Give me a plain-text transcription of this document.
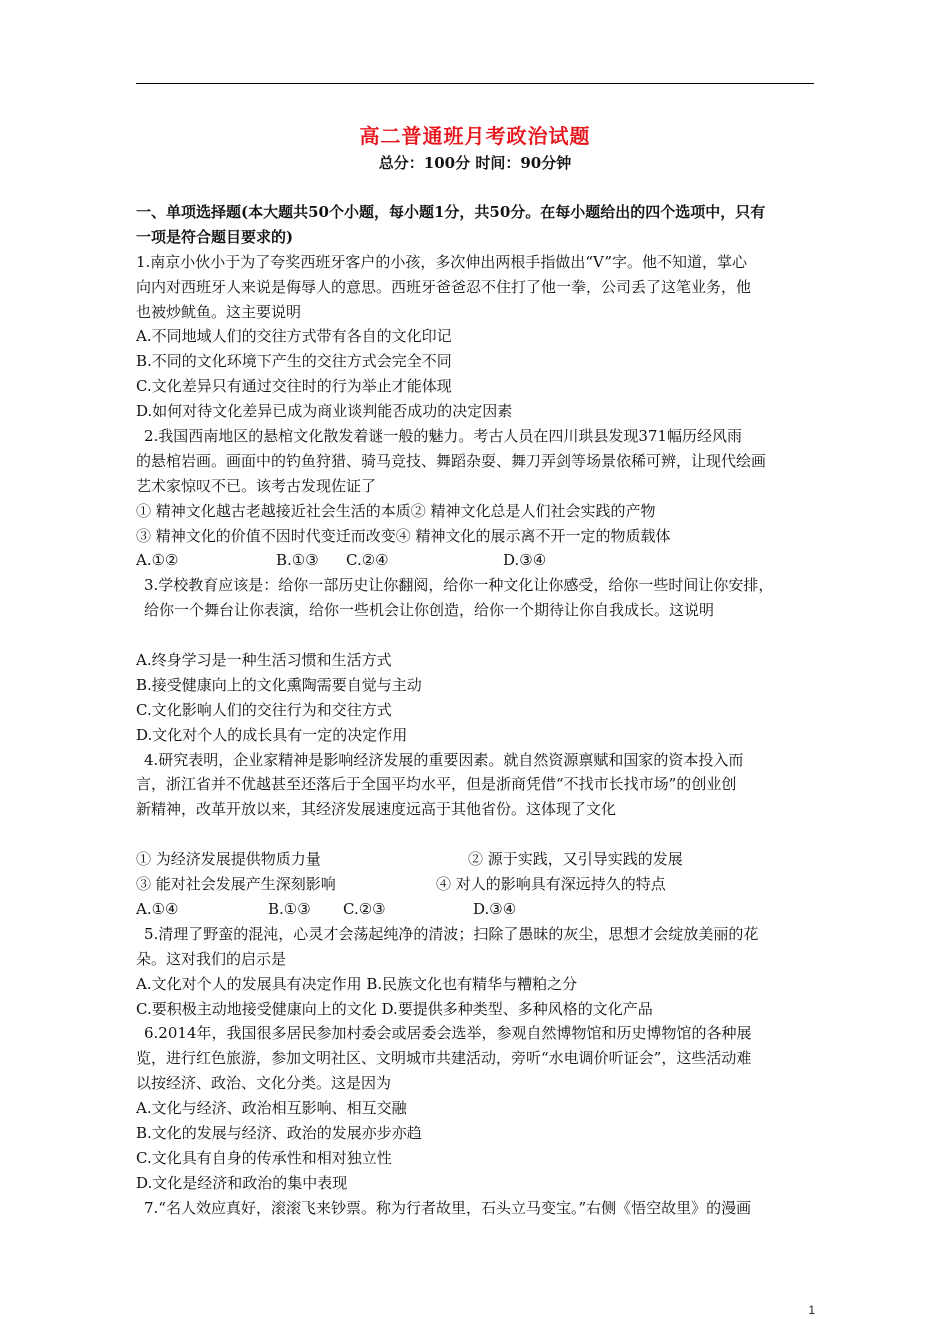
高二普通班月考政治试题
总分：100分 时间：90分钟
一、单项选择题(本大题共50个小题，每小题1分，共50分。在每小题给出的四个选项中，只有
一项是符合题目要求的)
1.南京小伙小于为了夸奖西班牙客户的小孩，多次伸出两根手指做出“V”字。他不知道，掌心
向内对西班牙人来说是侮辱人的意思。西班牙爸爸忍不住打了他一拳，公司丢了这笔业务，他
也被炒鱿鱼。这主要说明
A.不同地域人们的交往方式带有各自的文化印记
B.不同的文化环境下产生的交往方式会完全不同
C.文化差异只有通过交往时的行为举止才能体现
D.如何对待文化差异已成为商业谈判能否成功的决定因素
2.我国西南地区的悬棺文化散发着谜一般的魅力。考古人员在四川珙县发现371幅历经风雨
的悬棺岩画。画面中的钓鱼狩猎、骑马竞技、舞蹈杂耍、舞刀弄剑等场景依稀可辨，让现代绘画
艺术家惊叹不已。该考古发现佐证了
① 精神文化越古老越接近社会生活的本质② 精神文化总是人们社会实践的产物
③ 精神文化的价值不因时代变迁而改变④ 精神文化的展示离不开一定的物质载体
A.①②	B.①③ C.②④	D.③④
3.学校教育应该是：给你一部历史让你翻阅，给你一种文化让你感受，给你一些时间让你安排，
给你一个舞台让你表演，给你一些机会让你创造，给你一个期待让你自我成长。这说明
A.终身学习是一种生活习惯和生活方式
B.接受健康向上的文化熏陶需要自觉与主动
C.文化影响人们的交往行为和交往方式
D.文化对个人的成长具有一定的决定作用
4.研究表明，企业家精神是影响经济发展的重要因素。就自然资源禀赋和国家的资本投入而
言，浙江省并不优越甚至还落后于全国平均水平，但是浙商凭借“不找市长找市场”的创业创
新精神，改革开放以来，其经济发展速度远高于其他省份。这体现了文化
① 为经济发展提供物质力量	② 源于实践，又引导实践的发展
③ 能对社会发展产生深刻影响	④ 对人的影响具有深远持久的特点
A.①④	B.①③ C.②③	D.③④
5.清理了野蛮的混沌，心灵才会荡起纯净的清波；扫除了愚昧的灰尘，思想才会绽放美丽的花
朵。这对我们的启示是
A.文化对个人的发展具有决定作用 B.民族文化也有精华与糟粕之分
C.要积极主动地接受健康向上的文化 D.要提供多种类型、多种风格的文化产品
6.2014年，我国很多居民参加村委会或居委会选举，参观自然博物馆和历史博物馆的各种展
览，进行红色旅游，参加文明社区、文明城市共建活动，旁听“水电调价听证会”，这些活动难
以按经济、政治、文化分类。这是因为
A.文化与经济、政治相互影响、相互交融
B.文化的发展与经济、政治的发展亦步亦趋
C.文化具有自身的传承性和相对独立性
D.文化是经济和政治的集中表现
7.“名人效应真好，滚滚飞来钞票。称为行者故里，石头立马变宝。”右侧《悟空故里》的漫画
1
